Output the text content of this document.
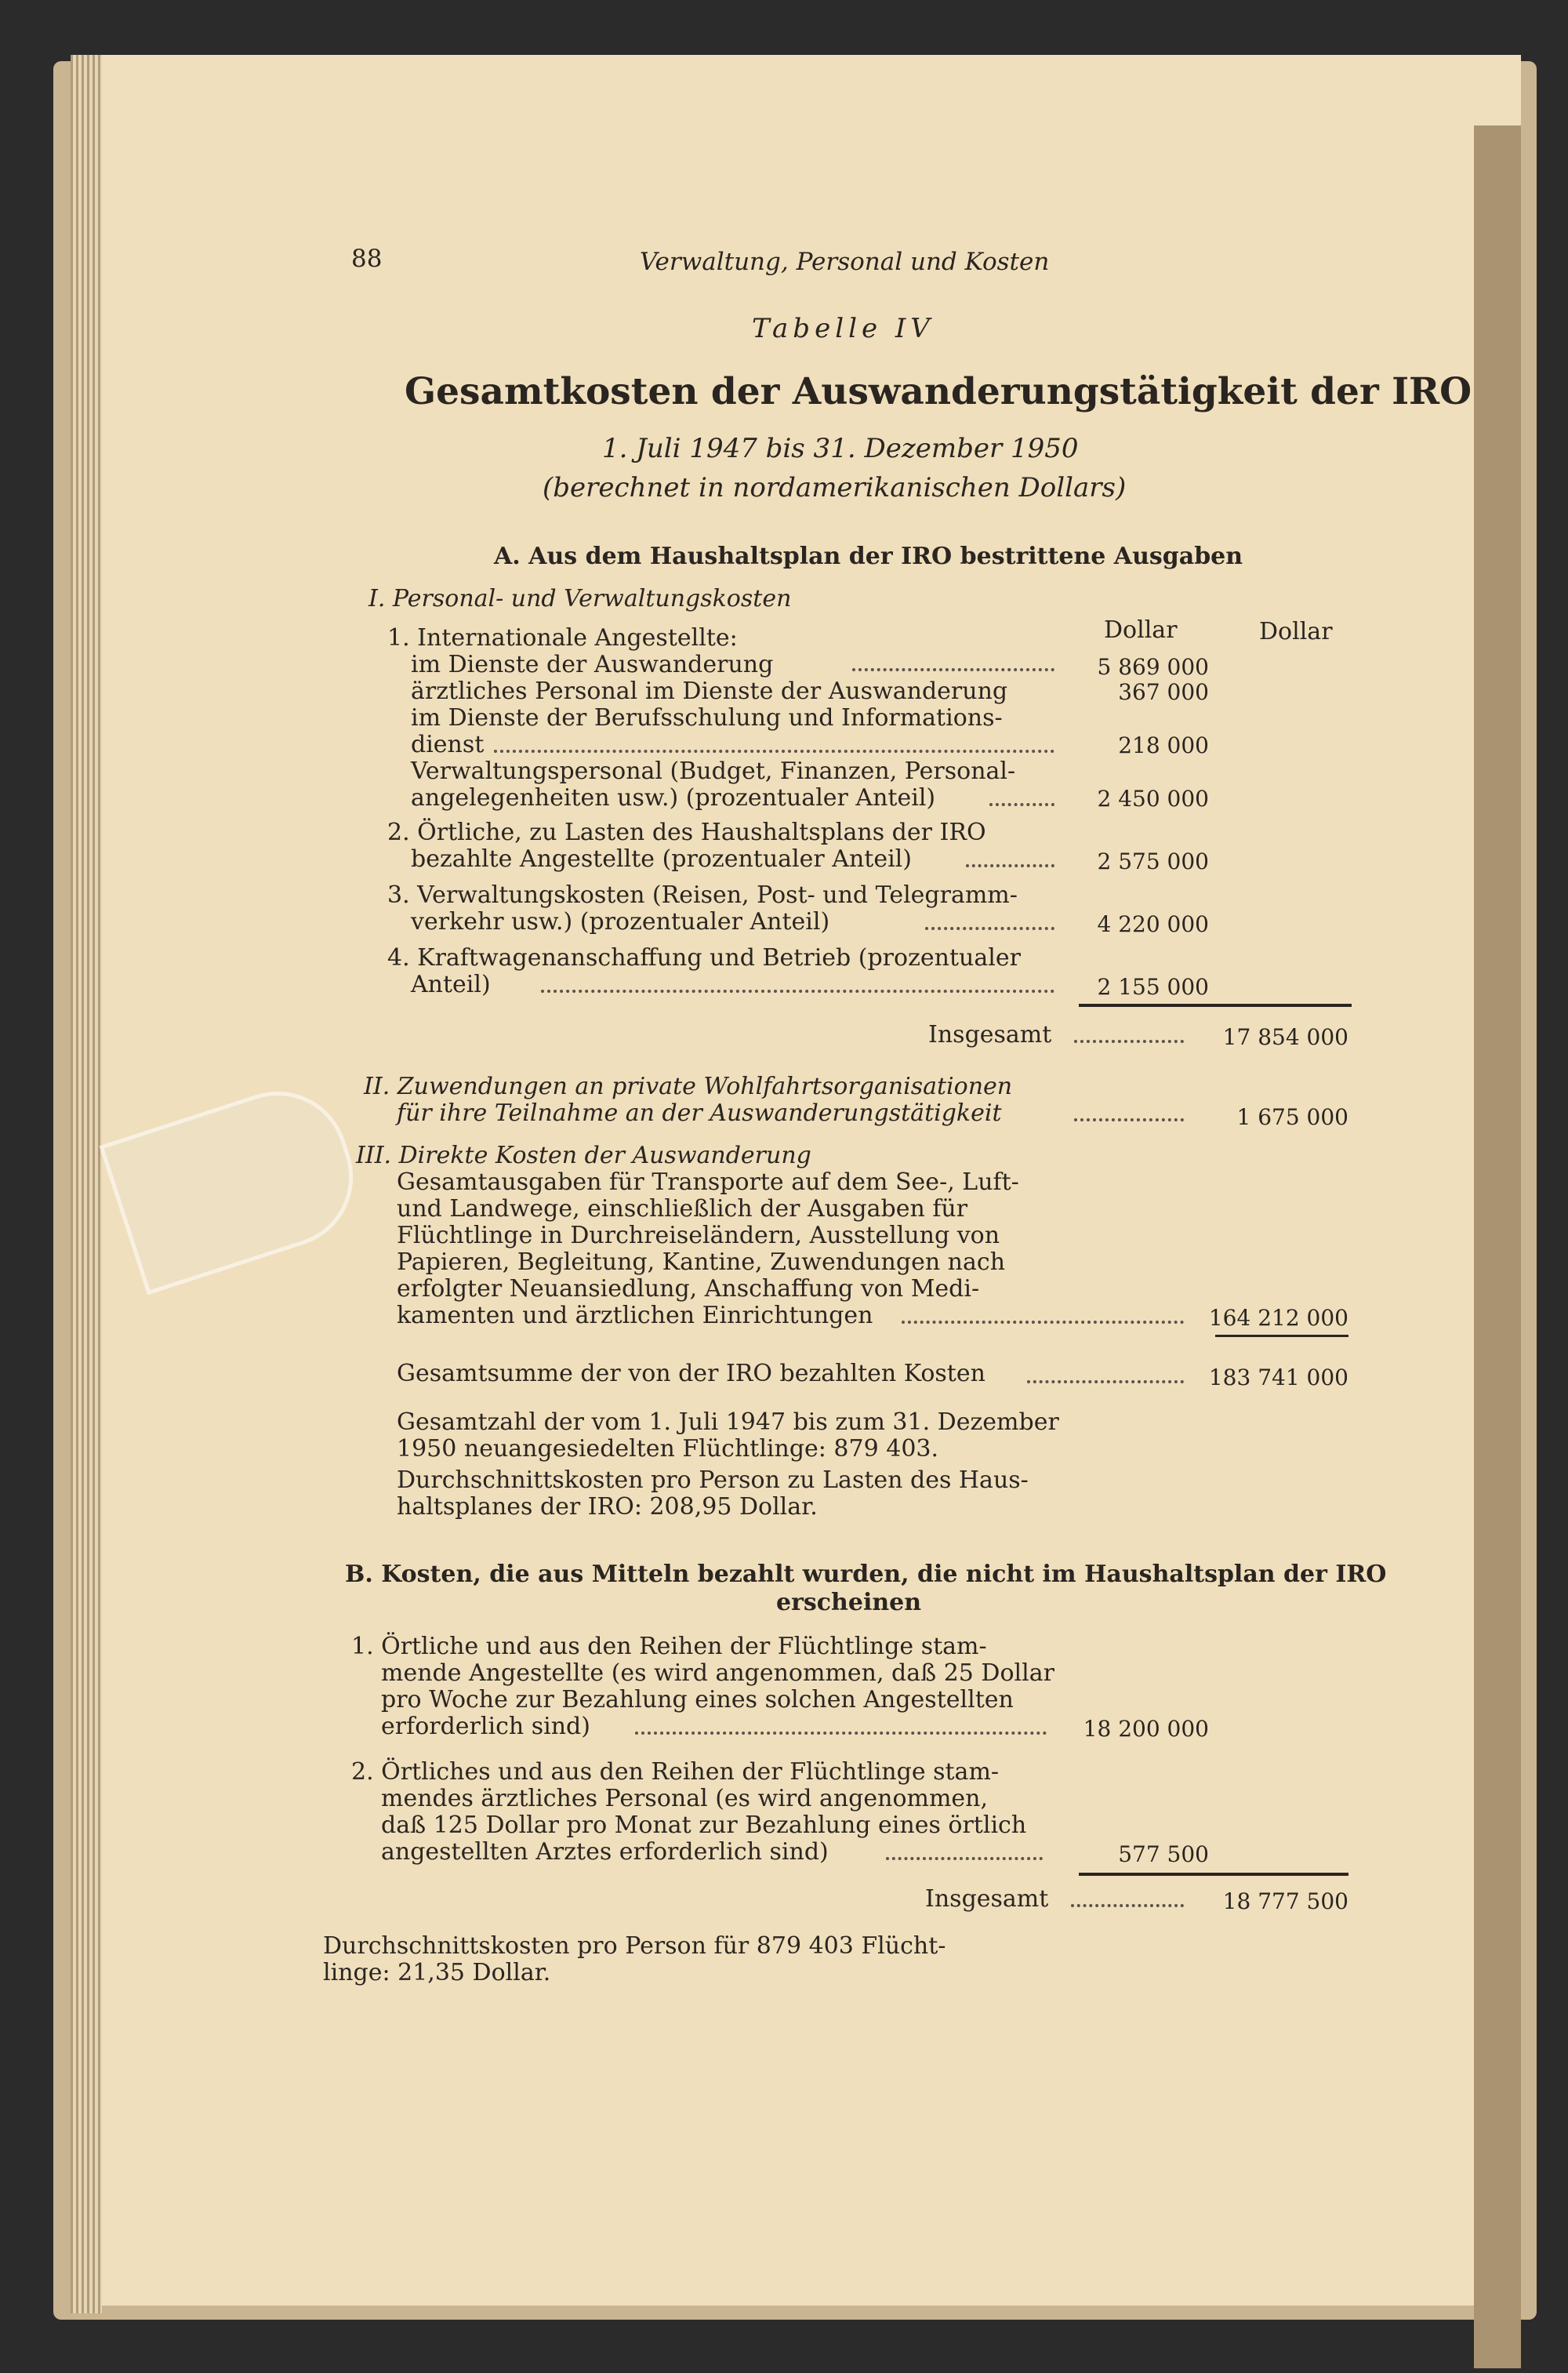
88	Verwaltung, Personal und Kosten
Tabelle IV
Gesamtkosten der Auswanderungstätigkeit der IRO
1. Juli 1947 bis 31. Dezember 1950
(berechnet in nordamerikanischen Dollars)
A. Aus dem Haushaltsplan der IRO bestrittene Ausgaben
I. Personal- und Verwaltungskosten
Dollar	Dollar
1. Internationale Angestellte:
im Dienste der Auswanderung	5 869 000
ärztliches Personal im Dienste der Auswanderung	367 000
im Dienste der Berufsschulung und Informations-
dienst	218 000
Verwaltungspersonal (Budget, Finanzen, Personal-
angelegenheiten usw.) (prozentualer Anteil)	2 450 000
2. Örtliche, zu Lasten des Haushaltsplans der IRO
bezahlte Angestellte (prozentualer Anteil)	2 575 000
3. Verwaltungskosten (Reisen, Post- und Telegramm-
verkehr usw.) (prozentualer Anteil)	4 220 000
4. Kraftwagenanschaffung und Betrieb (prozentualer
Anteil)	2 155 000
Insgesamt	17 854 000
II. Zuwendungen an private Wohlfahrtsorganisationen
für ihre Teilnahme an der Auswanderungstätigkeit	1 675 000
III. Direkte Kosten der Auswanderung
Gesamtausgaben für Transporte auf dem See-, Luft-
und Landwege, einschließlich der Ausgaben für
Flüchtlinge in Durchreiseländern, Ausstellung von
Papieren, Begleitung, Kantine, Zuwendungen nach
erfolgter Neuansiedlung, Anschaffung von Medi-
kamenten und ärztlichen Einrichtungen	164 212 000
Gesamtsumme der von der IRO bezahlten Kosten	183 741 000
Gesamtzahl der vom 1. Juli 1947 bis zum 31. Dezember
1950 neuangesiedelten Flüchtlinge: 879 403.
Durchschnittskosten pro Person zu Lasten des Haus-
haltsplanes der IRO: 208,95 Dollar.
B. Kosten, die aus Mitteln bezahlt wurden, die nicht im Haushaltsplan der IRO
erscheinen
1. Örtliche und aus den Reihen der Flüchtlinge stam-
mende Angestellte (es wird angenommen, daß 25 Dollar
pro Woche zur Bezahlung eines solchen Angestellten
erforderlich sind)	18 200 000
2. Örtliches und aus den Reihen der Flüchtlinge stam-
mendes ärztliches Personal (es wird angenommen,
daß 125 Dollar pro Monat zur Bezahlung eines örtlich
angestellten Arztes erforderlich sind)	577 500
Insgesamt	18 777 500
Durchschnittskosten pro Person für 879 403 Flücht-
linge: 21,35 Dollar.
